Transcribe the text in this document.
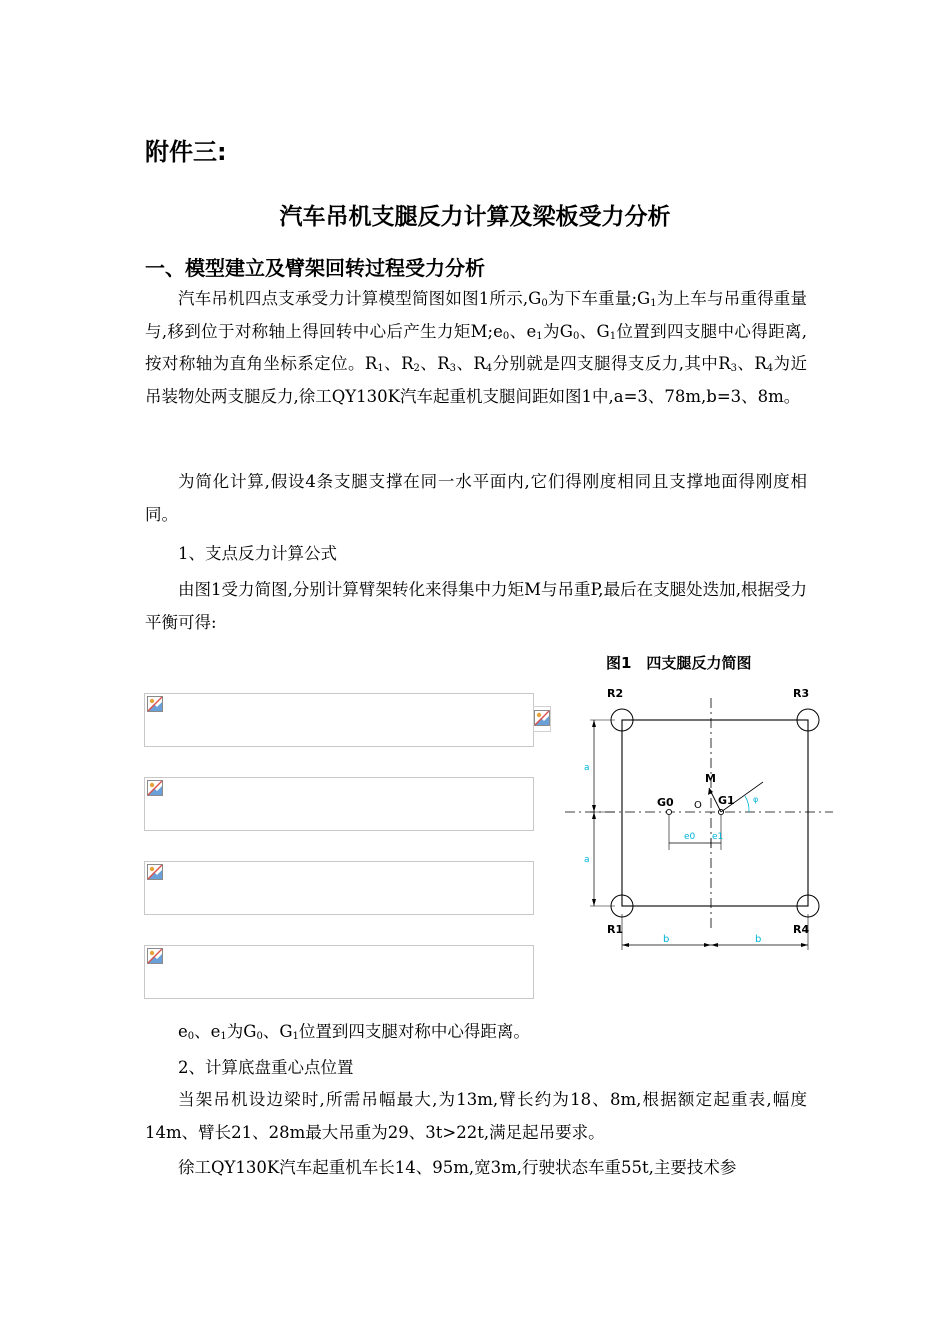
附件三:
汽车吊机支腿反力计算及梁板受力分析
一、模型建立及臂架回转过程受力分析

汽车吊机四点支承受力计算模型简图如图1所示$,G_0$为下车重量$;G_1$为上车与吊重得重量与,移到位于对称轴上得回转中心后产生力矩$M;e_0$、$e_1$为$G_0$、$G_1$位置到四支腿中心得距离,按对称轴为直角坐标系定位。$R_1$、$R_2$、$R_3$、$R_4$分别就是四支腿得支反力,其中$R_3$、$R_4$为近吊装物处两支腿反力,徐工QY130K汽车起重机支腿间距如图1中,a=3、78m,b=3、8m。

为简化计算,假设4条支腿支撑在同一水平面内,它们得刚度相同且支撑地面得刚度相同。

1、支点反力计算公式

由图1受力简图,分别计算臂架转化来得集中力矩M与吊重P,最后在支腿处迭加,根据受力平衡可得:

图1　四支腿反力简图
R2	R3
R1	R4
M
G0	G1
O
e0 e1
a
a
b	b
φ

$e_0$、$e_1$为$G_0$、$G_1$位置到四支腿对称中心得距离。

2、计算底盘重心点位置

当架吊机设边梁时,所需吊幅最大,为13m,臂长约为18、8m,根据额定起重表,幅度14m、臂长21、28m最大吊重为29、3t>22t,满足起吊要求。

徐工QY130K汽车起重机车长14、95m,宽3m,行驶状态车重55t,主要技术参
